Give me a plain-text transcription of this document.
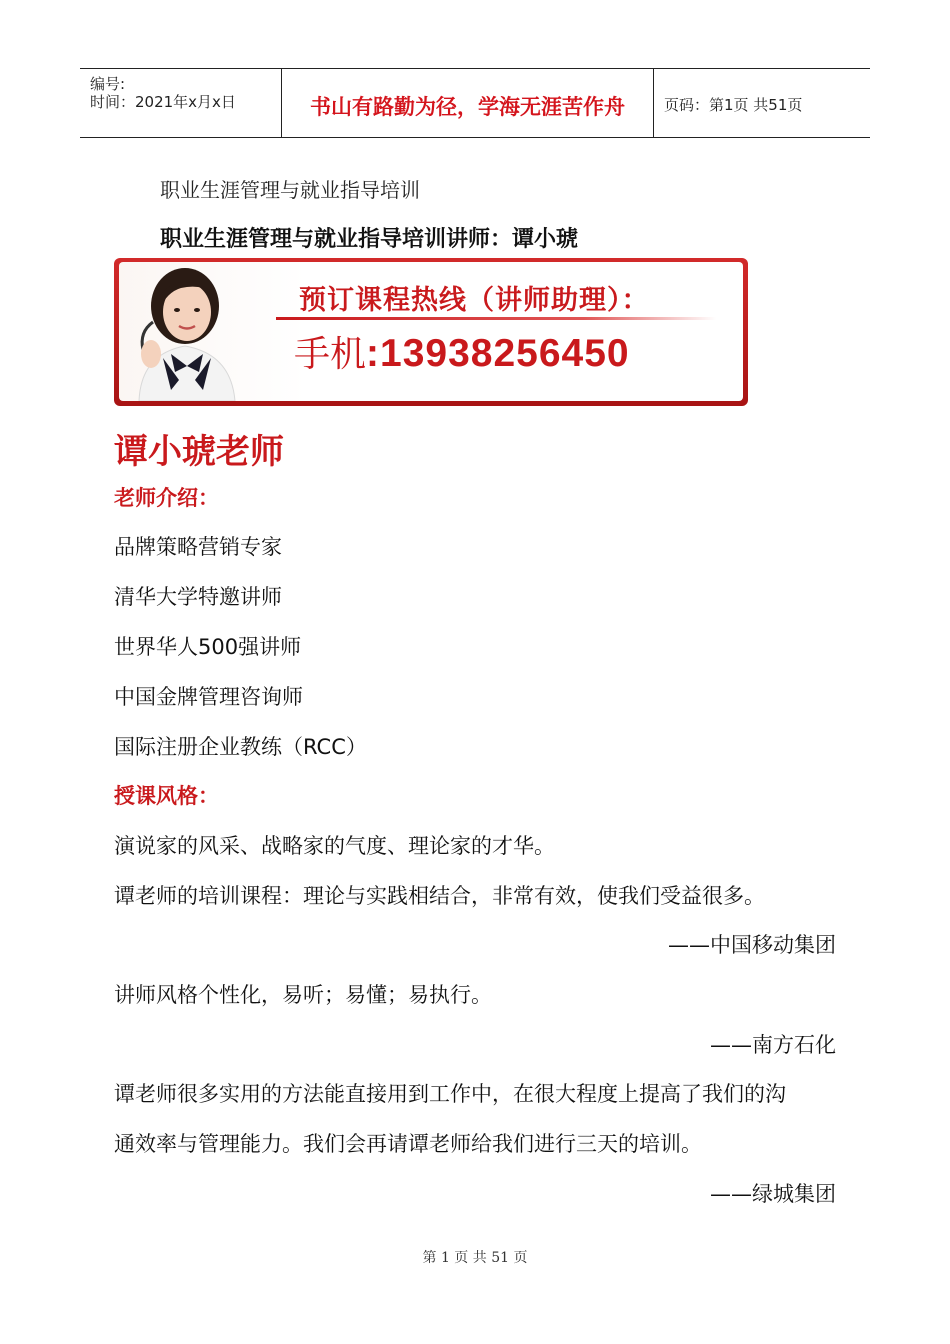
编号:
时间：2021年x月x日	书山有路勤为径，学海无涯苦作舟	页码：第1页 共51页
职业生涯管理与就业指导培训
职业生涯管理与就业指导培训讲师：谭小琥
预订课程热线（讲师助理）：
手机:13938256450
谭小琥老师
老师介绍：
品牌策略营销专家
清华大学特邀讲师
世界华人500强讲师
中国金牌管理咨询师
国际注册企业教练（RCC）
授课风格：
演说家的风采、战略家的气度、理论家的才华。
谭老师的培训课程：理论与实践相结合，非常有效，使我们受益很多。
——中国移动集团
讲师风格个性化，易听；易懂；易执行。
——南方石化
谭老师很多实用的方法能直接用到工作中，在很大程度上提高了我们的沟
通效率与管理能力。我们会再请谭老师给我们进行三天的培训。
——绿城集团
第 1 页 共 51 页
